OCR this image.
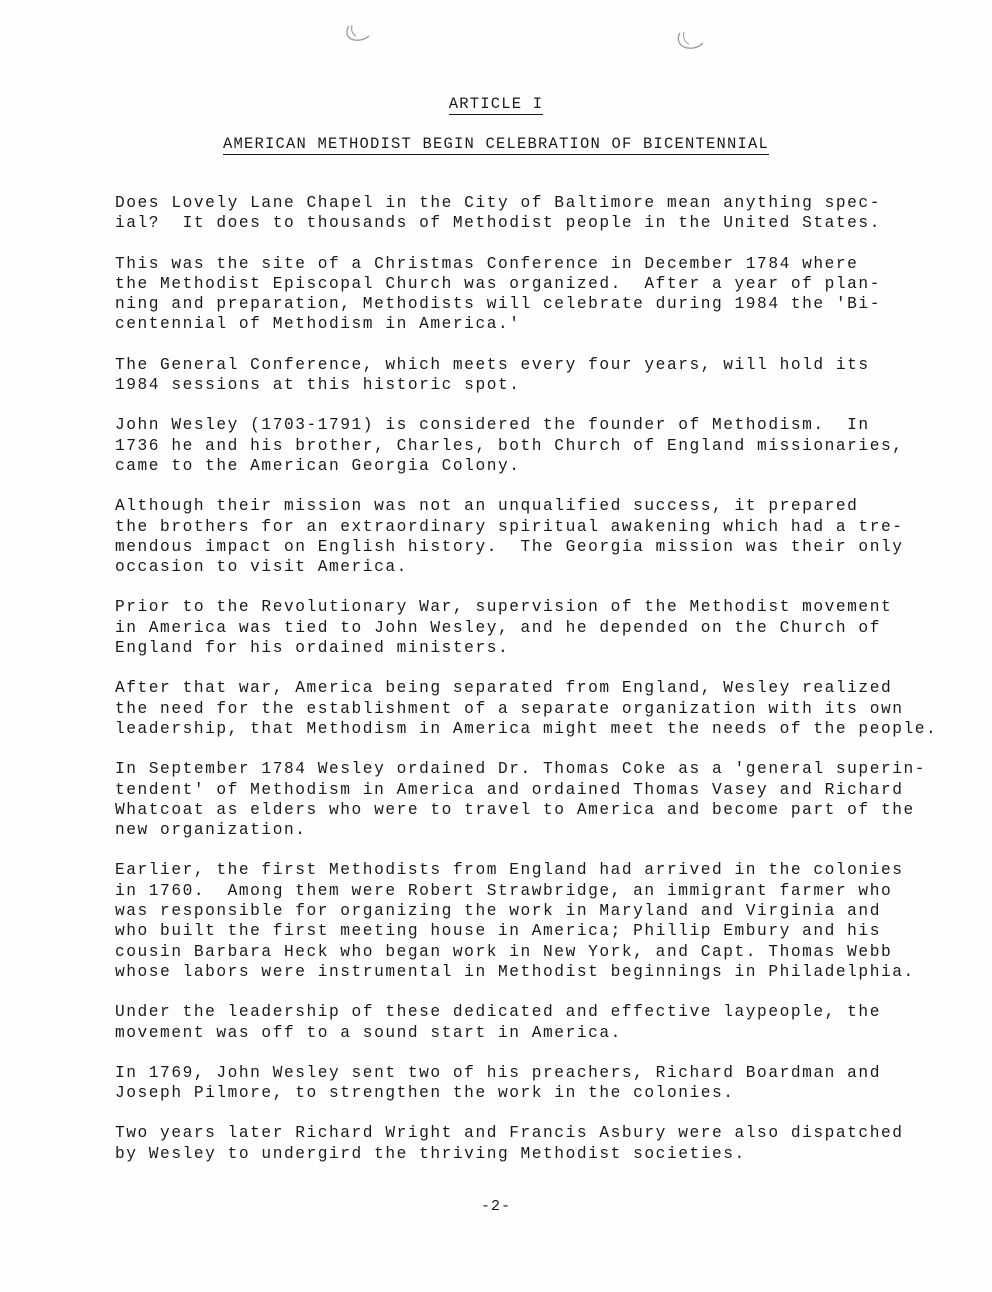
ARTICLE I
AMERICAN METHODIST BEGIN CELEBRATION OF BICENTENNIAL
Does Lovely Lane Chapel in the City of Baltimore mean anything spec-
ial?  It does to thousands of Methodist people in the United States.
This was the site of a Christmas Conference in December 1784 where
the Methodist Episcopal Church was organized.  After a year of plan-
ning and preparation, Methodists will celebrate during 1984 the 'Bi-
centennial of Methodism in America.'
The General Conference, which meets every four years, will hold its
1984 sessions at this historic spot.
John Wesley (1703-1791) is considered the founder of Methodism.  In
1736 he and his brother, Charles, both Church of England missionaries,
came to the American Georgia Colony.
Although their mission was not an unqualified success, it prepared
the brothers for an extraordinary spiritual awakening which had a tre-
mendous impact on English history.  The Georgia mission was their only
occasion to visit America.
Prior to the Revolutionary War, supervision of the Methodist movement
in America was tied to John Wesley, and he depended on the Church of
England for his ordained ministers.
After that war, America being separated from England, Wesley realized
the need for the establishment of a separate organization with its own
leadership, that Methodism in America might meet the needs of the people.
In September 1784 Wesley ordained Dr. Thomas Coke as a 'general superin-
tendent' of Methodism in America and ordained Thomas Vasey and Richard
Whatcoat as elders who were to travel to America and become part of the
new organization.
Earlier, the first Methodists from England had arrived in the colonies
in 1760.  Among them were Robert Strawbridge, an immigrant farmer who
was responsible for organizing the work in Maryland and Virginia and
who built the first meeting house in America; Phillip Embury and his
cousin Barbara Heck who began work in New York, and Capt. Thomas Webb
whose labors were instrumental in Methodist beginnings in Philadelphia.
Under the leadership of these dedicated and effective laypeople, the
movement was off to a sound start in America.
In 1769, John Wesley sent two of his preachers, Richard Boardman and
Joseph Pilmore, to strengthen the work in the colonies.
Two years later Richard Wright and Francis Asbury were also dispatched
by Wesley to undergird the thriving Methodist societies.
-2-
